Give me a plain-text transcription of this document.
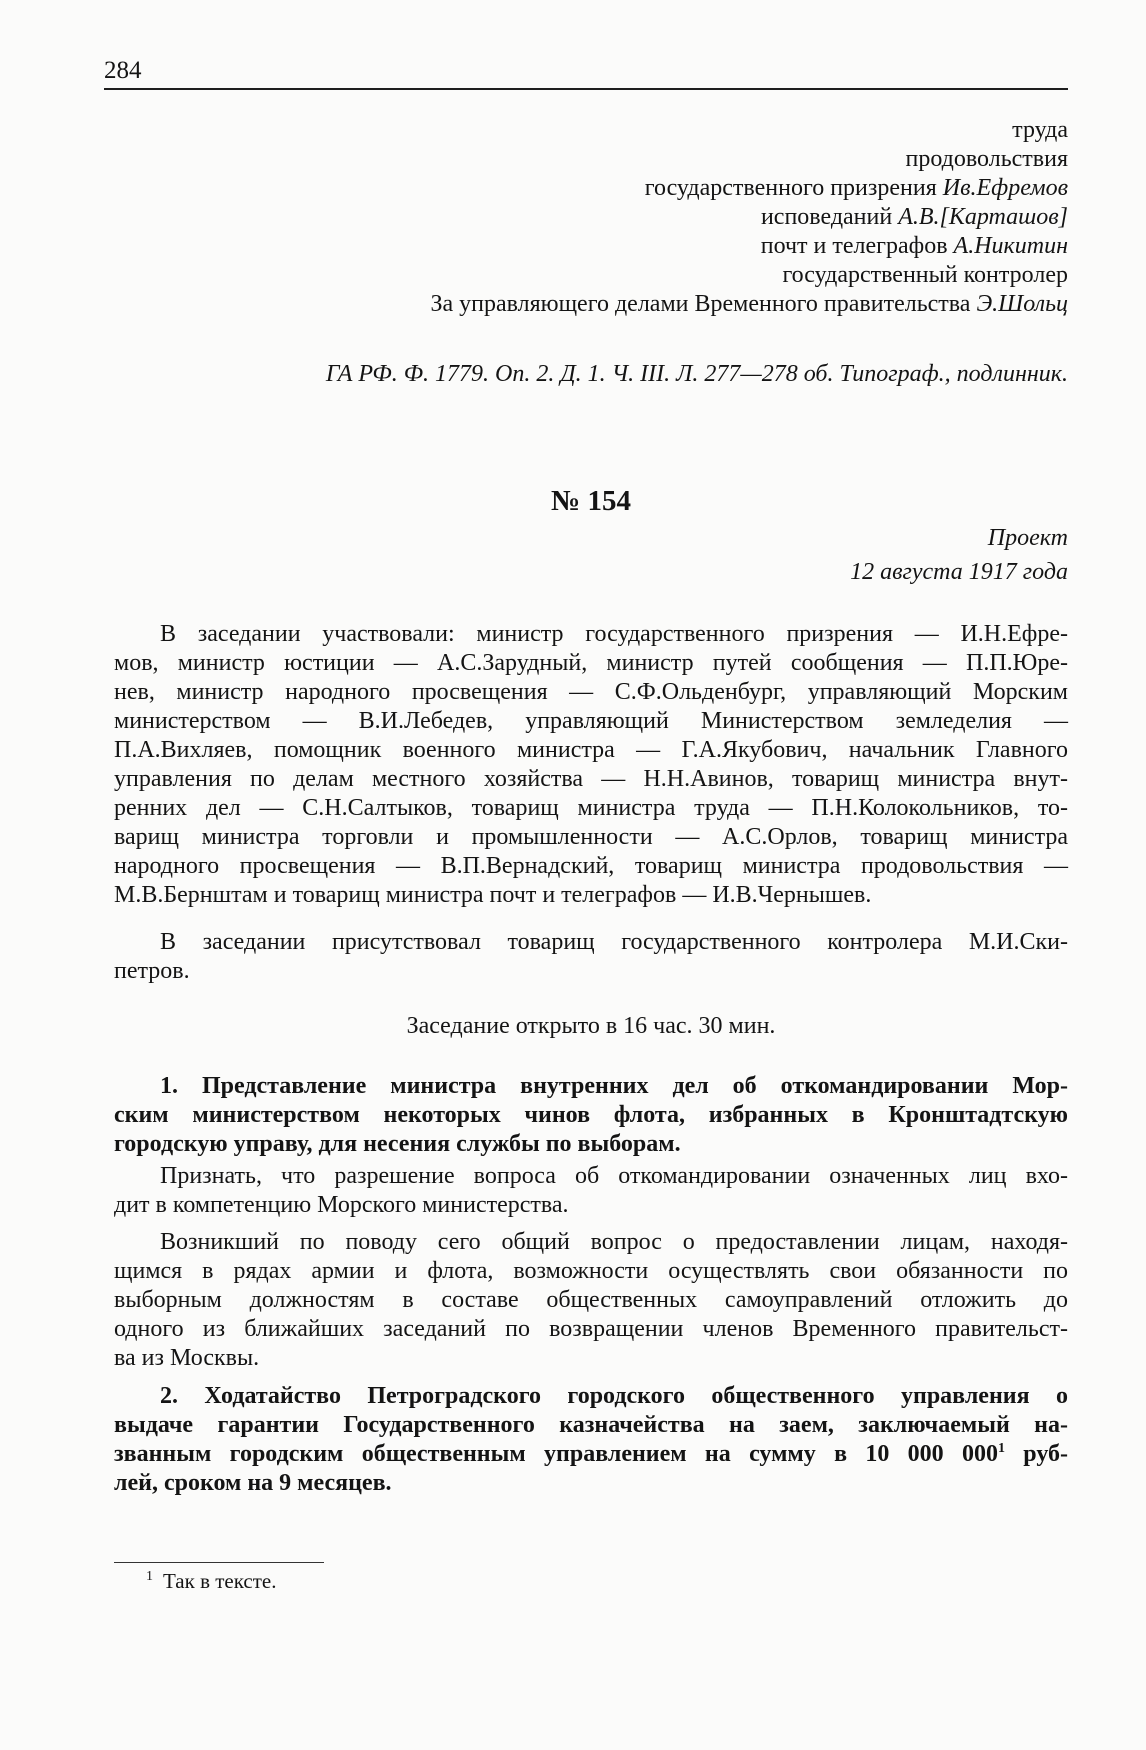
284
труда
продовольствия
государственного призрения Ив.Ефремов
исповеданий А.В.[Карташов]
почт и телеграфов А.Никитин
государственный контролер
За управляющего делами Временного правительства Э.Шольц
ГА РФ. Ф. 1779. Оп. 2. Д. 1. Ч. III. Л. 277—278 об. Типограф., подлинник.
№ 154
Проект
12 августа 1917 года
В заседании участвовали: министр государственного призрения — И.Н.Ефре-
мов, министр юстиции — А.С.Зарудный, министр путей сообщения — П.П.Юре-
нев, министр народного просвещения — С.Ф.Ольденбург, управляющий Морским
министерством — В.И.Лебедев, управляющий Министерством земледелия —
П.А.Вихляев, помощник военного министра — Г.А.Якубович, начальник Главного
управления по делам местного хозяйства — Н.Н.Авинов, товарищ министра внут-
ренних дел — С.Н.Салтыков, товарищ министра труда — П.Н.Колокольников, то-
варищ министра торговли и промышленности — А.С.Орлов, товарищ министра
народного просвещения — В.П.Вернадский, товарищ министра продовольствия —
М.В.Бернштам и товарищ министра почт и телеграфов — И.В.Чернышев.
В заседании присутствовал товарищ государственного контролера М.И.Ски-
петров.
Заседание открыто в 16 час. 30 мин.
1. Представление министра внутренних дел об откомандировании Мор-
ским министерством некоторых чинов флота, избранных в Кронштадтскую
городскую управу, для несения службы по выборам.
Признать, что разрешение вопроса об откомандировании означенных лиц вхо-
дит в компетенцию Морского министерства.
Возникший по поводу сего общий вопрос о предоставлении лицам, находя-
щимся в рядах армии и флота, возможности осуществлять свои обязанности по
выборным должностям в составе общественных самоуправлений отложить до
одного из ближайших заседаний по возвращении членов Временного правительст-
ва из Москвы.
2. Ходатайство Петроградского городского общественного управления о
выдаче гарантии Государственного казначейства на заем, заключаемый на-
званным городским общественным управлением на сумму в 10 000 $000^1$ руб-
лей, сроком на 9 месяцев.
$^1$ Так в тексте.
